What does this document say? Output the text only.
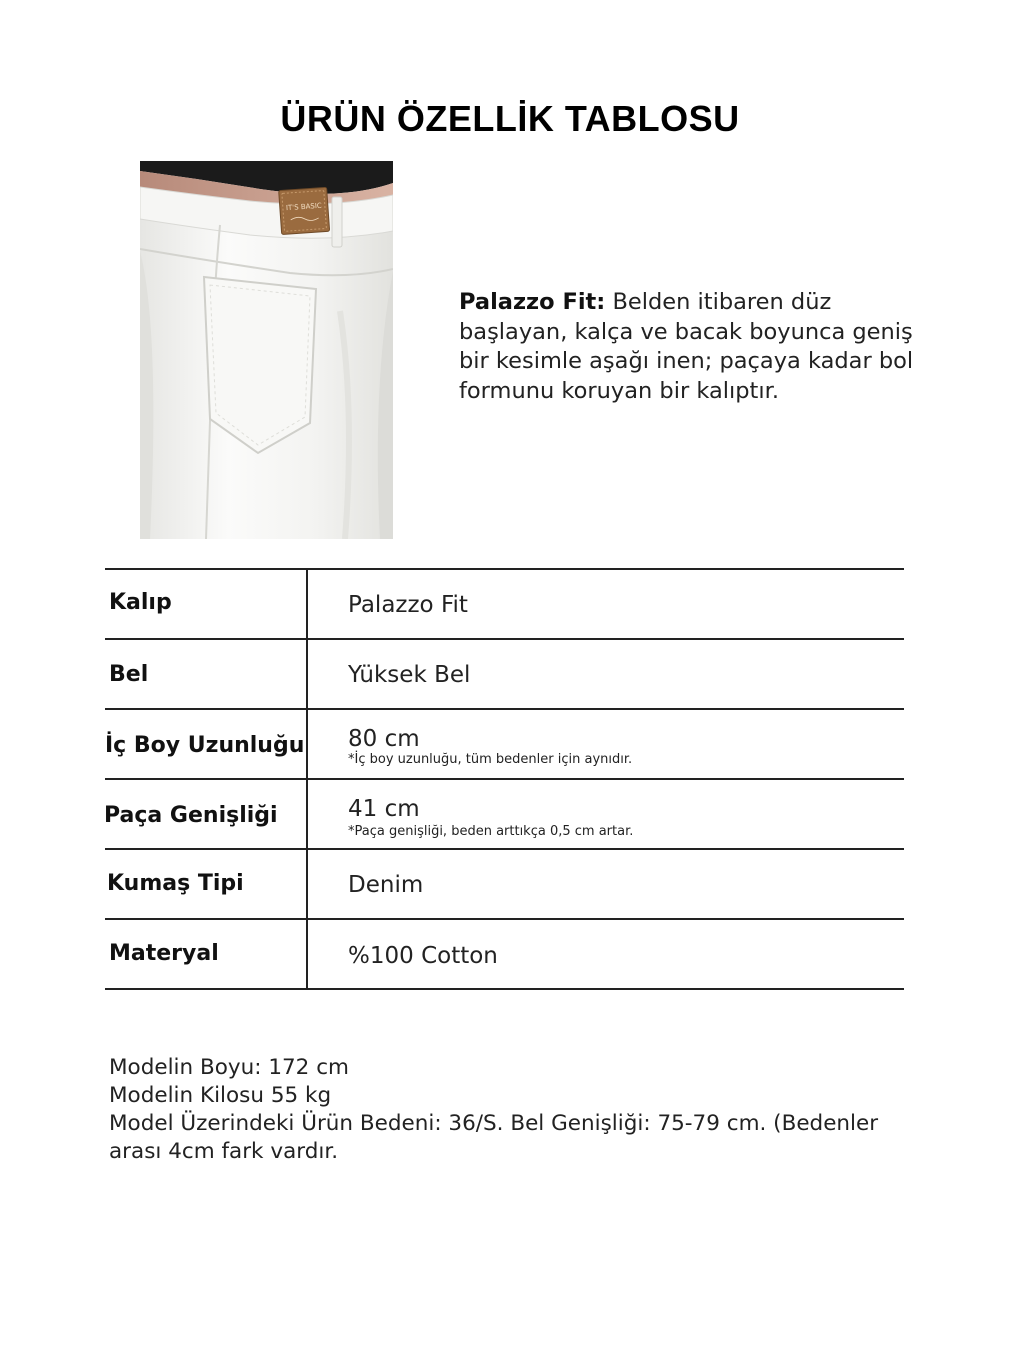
ÜRÜN ÖZELLİK TABLOSU
IT'S BASIC
Palazzo Fit: Belden itibaren düz başlayan, kalça ve bacak boyunca geniş bir kesimle aşağı inen; paçaya kadar bol formunu koruyan bir kalıptır.
Kalıp	Palazzo Fit
Bel	Yüksek Bel
İç Boy Uzunluğu 80 cm
*İç boy uzunluğu, tüm bedenler için aynıdır.
Paça Genişliği	41 cm
*Paça genişliği, beden arttıkça 0,5 cm artar.
Kumaş Tipi	Denim
Materyal	%100 Cotton
Modelin Boyu: 172 cm
Modelin Kilosu 55 kg
Model Üzerindeki Ürün Bedeni: 36/S. Bel Genişliği: 75-79 cm. (Bedenler
arası 4cm fark vardır.
